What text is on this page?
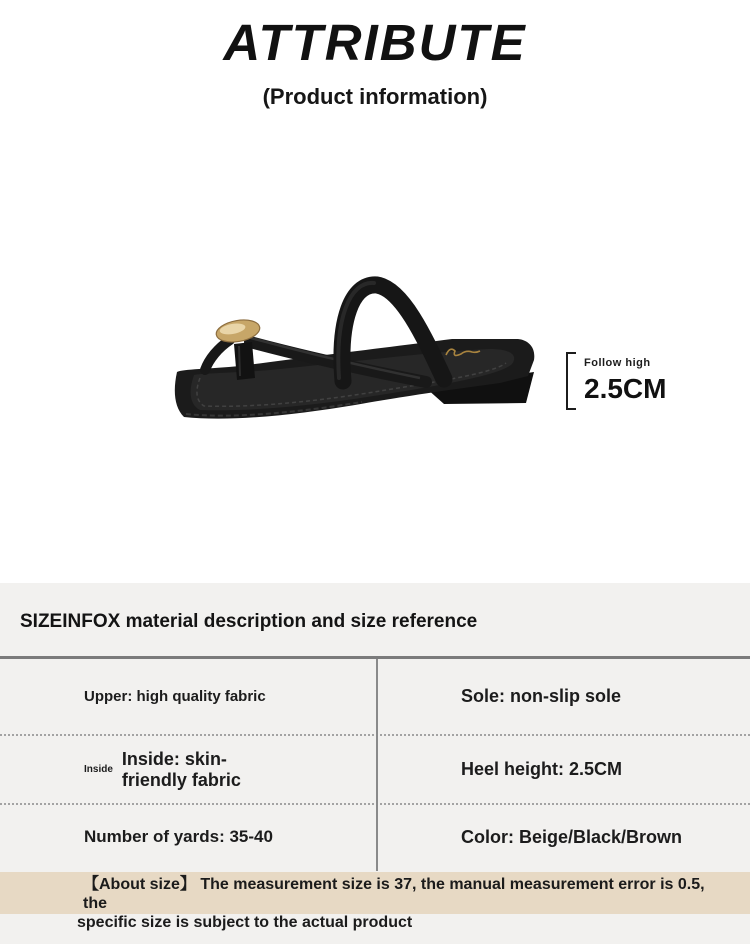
ATTRIBUTE
(Product information)
Follow high
2.5CM
SIZEINFOX material description and size reference
Upper: high quality fabric	Sole: non-slip sole
Inside
Inside: skin-friendly fabric
Heel height: 2.5CM
Number of yards: 35-40	Color: Beige/Black/Brown
【About size】 The measurement size is 37, the manual measurement error is 0.5, the
specific size is subject to the actual product
